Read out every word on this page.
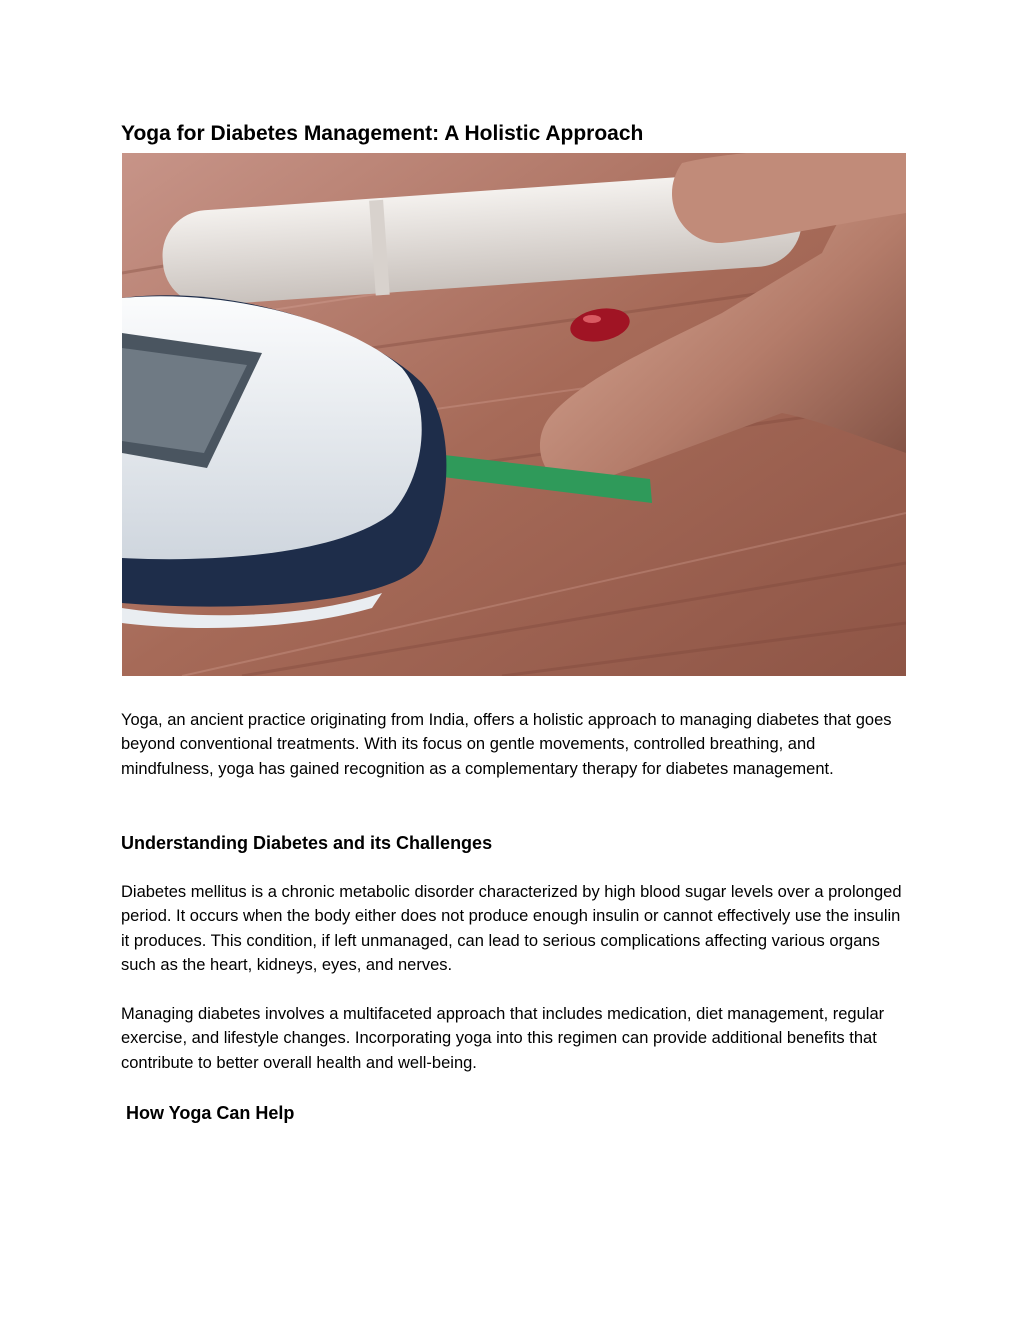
Yoga for Diabetes Management: A Holistic Approach

Yoga, an ancient practice originating from India, offers a holistic approach to managing diabetes that goes beyond conventional treatments. With its focus on gentle movements, controlled breathing, and mindfulness, yoga has gained recognition as a complementary therapy for diabetes management.

Understanding Diabetes and its Challenges

Diabetes mellitus is a chronic metabolic disorder characterized by high blood sugar levels over a prolonged period. It occurs when the body either does not produce enough insulin or cannot effectively use the insulin it produces. This condition, if left unmanaged, can lead to serious complications affecting various organs such as the heart, kidneys, eyes, and nerves.

Managing diabetes involves a multifaceted approach that includes medication, diet management, regular exercise, and lifestyle changes. Incorporating yoga into this regimen can provide additional benefits that contribute to better overall health and well-being.

How Yoga Can Help
